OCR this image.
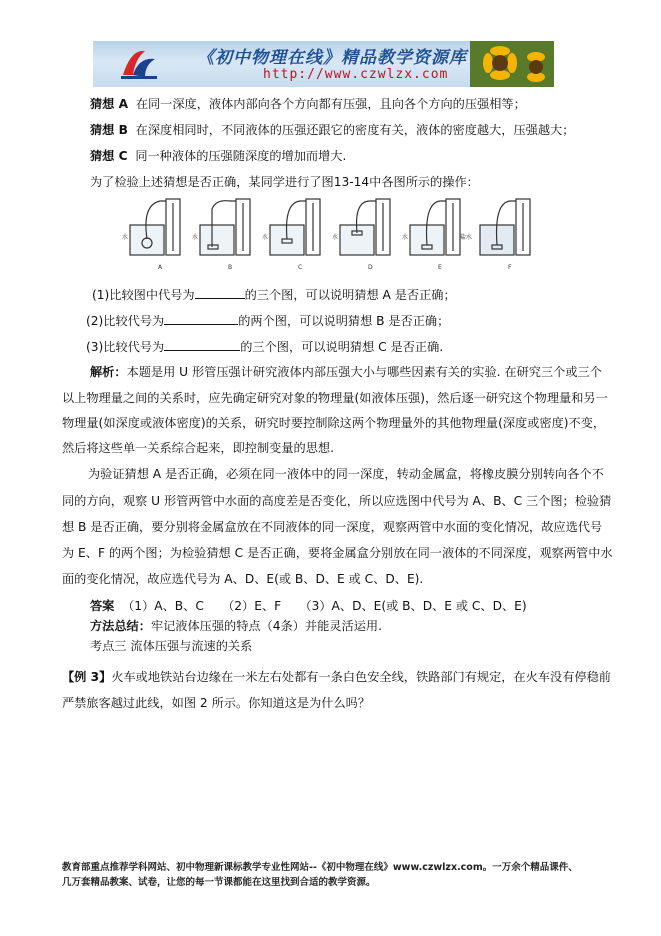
《初中物理在线》精品教学资源库
http://www.czwlzx.com
猜想 A 在同一深度，液体内部向各个方向都有压强，且向各个方向的压强相等；
猜想 B 在深度相同时，不同液体的压强还跟它的密度有关，液体的密度越大，压强越大；
猜想 C 同一种液体的压强随深度的增加而增大.
为了检验上述猜想是否正确，某同学进行了图13-14中各图所示的操作：
水	水	水	水	水	盐水
A	B	C	D	E	F
(1)比较图中代号为	的三个图，可以说明猜想 A 是否正确；
(2)比较代号为	的两个图，可以说明猜想 B 是否正确；
(3)比较代号为	的三个图，可以说明猜想 C 是否正确.
解析：本题是用 U 形管压强计研究液体内部压强大小与哪些因素有关的实验. 在研究三个或三个
以上物理量之间的关系时，应先确定研究对象的物理量(如液体压强)，然后逐一研究这个物理量和另一
物理量(如深度或液体密度)的关系，研究时要控制除这两个物理量外的其他物理量(深度或密度)不变，
然后将这些单一关系综合起来，即控制变量的思想.
为验证猜想 A 是否正确，必须在同一液体中的同一深度，转动金属盒，将橡皮膜分别转向各个不
同的方向，观察 U 形管两管中水面的高度差是否变化，所以应选图中代号为 A、B、C 三个图；检验猜
想 B 是否正确，要分别将金属盒放在不同液体的同一深度，观察两管中水面的变化情况，故应选代号
为 E、F 的两个图；为检验猜想 C 是否正确，要将金属盒分别放在同一液体的不同深度，观察两管中水
面的变化情况，故应选代号为 A、D、E(或 B、D、E 或 C、D、E).
答案 （1）A、B、C　　（2）E、F　　（3）A、D、E(或 B、D、E 或 C、D、E)
方法总结：牢记液体压强的特点（4条）并能灵活运用.
考点三 流体压强与流速的关系
【例 3】火车或地铁站台边缘在一米左右处都有一条白色安全线，铁路部门有规定，在火车没有停稳前
严禁旅客越过此线，如图 2 所示。你知道这是为什么吗？
教育部重点推荐学科网站、初中物理新课标教学专业性网站--《初中物理在线》www.czwlzx.com。一万余个精品课件、
几万套精品教案、试卷，让您的每一节课都能在这里找到合适的教学资源。
